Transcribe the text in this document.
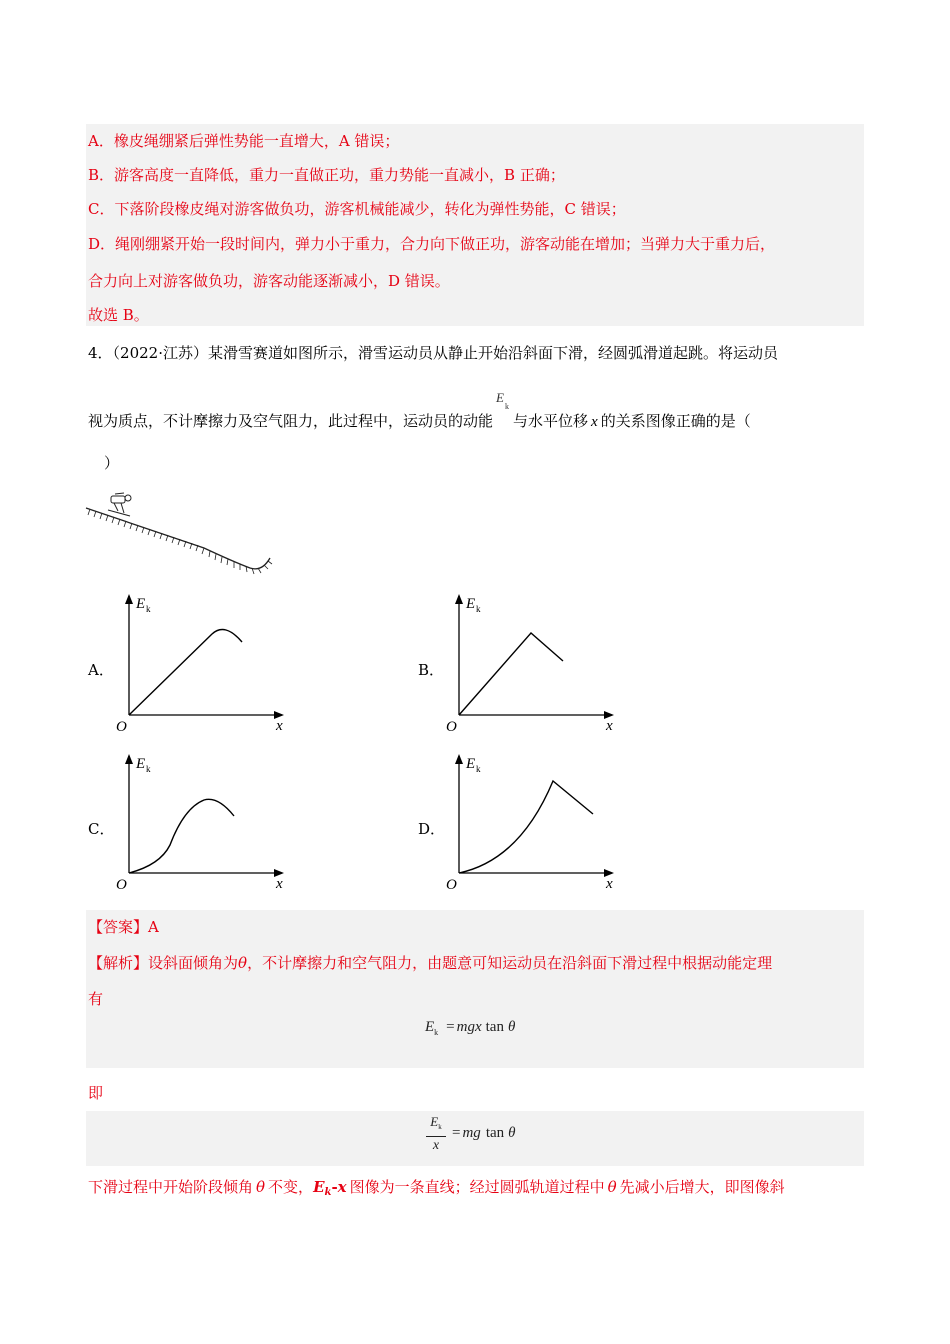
A．橡皮绳绷紧后弹性势能一直增大，A 错误；
B．游客高度一直降低，重力一直做正功，重力势能一直减小，B 正确；
C．下落阶段橡皮绳对游客做负功，游客机械能减少，转化为弹性势能，C 错误；
D．绳刚绷紧开始一段时间内，弹力小于重力，合力向下做正功，游客动能在增加；当弹力大于重力后，
合力向上对游客做负功，游客动能逐渐减小，D 错误。
故选 B。
4．（2022·江苏）某滑雪赛道如图所示，滑雪运动员从静止开始沿斜面下滑，经圆弧滑道起跳。将运动员
视为质点，不计摩擦力及空气阻力，此过程中，运动员的动能
E
k
与水平位移 x 的关系图像正确的是（
）
A．
E k
x
O
B．
E k
x
O
C．
E k
x
O
D．
E k
x
O
【答案】A
【解析】设斜面倾角为θ，不计摩擦力和空气阻力，由题意可知运动员在沿斜面下滑过程中根据动能定理
有
$E_k$ = mgx tan θ
即
$E_k$
x
= mg tan θ
下滑过程中开始阶段倾角 θ 不变，$E_k-x$ 图像为一条直线；经过圆弧轨道过程中 θ 先减小后增大，即图像斜
